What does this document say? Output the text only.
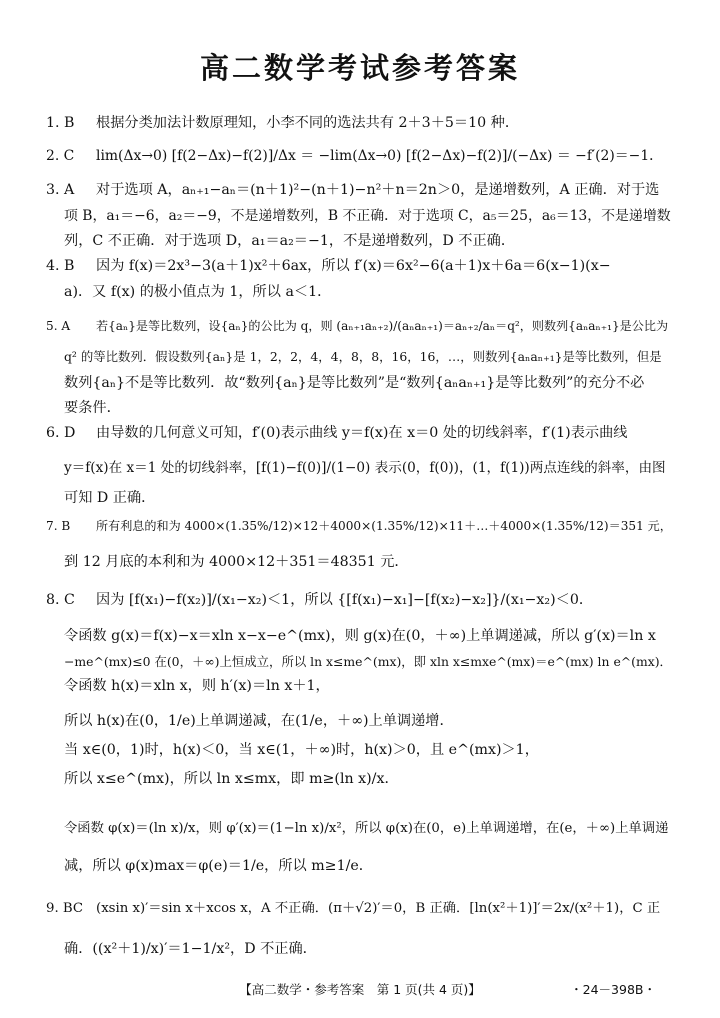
高二数学考试参考答案
1. B 根据分类加法计数原理知，小李不同的选法共有 2＋3＋5＝10 种．
2. C lim(Δx→0) [f(2−Δx)−f(2)]/Δx ＝ −lim(Δx→0) [f(2−Δx)−f(2)]/(−Δx) ＝ −f′(2)＝−1．
3. A 对于选项 A，aₙ₊₁−aₙ＝(n＋1)²−(n＋1)−n²＋n＝2n＞0，是递增数列，A 正确．对于选
项 B，a₁＝−6，a₂＝−9，不是递增数列，B 不正确．对于选项 C，a₅＝25，a₆＝13，不是递增数
列，C 不正确．对于选项 D，a₁＝a₂＝−1，不是递增数列，D 不正确．
4. B 因为 f(x)＝2x³−3(a＋1)x²＋6ax，所以 f′(x)＝6x²−6(a＋1)x＋6a＝6(x−1)(x−
a)．又 f(x) 的极小值点为 1，所以 a＜1．
5. A 若{aₙ}是等比数列，设{aₙ}的公比为 q，则 (aₙ₊₁aₙ₊₂)/(aₙaₙ₊₁)＝aₙ₊₂/aₙ＝q²，则数列{aₙaₙ₊₁}是公比为
q² 的等比数列．假设数列{aₙ}是 1，2，2，4，4，8，8，16，16，…，则数列{aₙaₙ₊₁}是等比数列，但是
数列{aₙ}不是等比数列．故“数列{aₙ}是等比数列”是“数列{aₙaₙ₊₁}是等比数列”的充分不必
要条件．
6. D 由导数的几何意义可知，f′(0)表示曲线 y＝f(x)在 x＝0 处的切线斜率，f′(1)表示曲线
y＝f(x)在 x＝1 处的切线斜率，[f(1)−f(0)]/(1−0) 表示(0，f(0))，(1，f(1))两点连线的斜率，由图
可知 D 正确．
7. B 所有利息的和为 4000×(1.35%/12)×12＋4000×(1.35%/12)×11＋…＋4000×(1.35%/12)＝351 元，
到 12 月底的本利和为 4000×12＋351＝48351 元．
8. C 因为 [f(x₁)−f(x₂)]/(x₁−x₂)＜1，所以 {[f(x₁)−x₁]−[f(x₂)−x₂]}/(x₁−x₂)＜0．
令函数 g(x)＝f(x)−x＝xln x−x−e^(mx)，则 g(x)在(0，＋∞)上单调递减，所以 g′(x)＝ln x
−me^(mx)≤0 在(0，＋∞)上恒成立，所以 ln x≤me^(mx)，即 xln x≤mxe^(mx)＝e^(mx) ln e^(mx)．
令函数 h(x)＝xln x，则 h′(x)＝ln x＋1，
所以 h(x)在(0，1/e)上单调递减，在(1/e，＋∞)上单调递增．
当 x∈(0，1)时，h(x)＜0，当 x∈(1，＋∞)时，h(x)＞0，且 e^(mx)＞1，
所以 x≤e^(mx)，所以 ln x≤mx，即 m≥(ln x)/x．
令函数 φ(x)＝(ln x)/x，则 φ′(x)＝(1−ln x)/x²，所以 φ(x)在(0，e)上单调递增，在(e，＋∞)上单调递
减，所以 φ(x)max＝φ(e)＝1/e，所以 m≥1/e．
9. BC (xsin x)′＝sin x＋xcos x，A 不正确．(π＋√2)′＝0，B 正确．[ln(x²＋1)]′＝2x/(x²＋1)，C 正
确．((x²＋1)/x)′＝1−1/x²，D 不正确．
【高二数学・参考答案　第 1 页(共 4 页)】	・24－398B・
